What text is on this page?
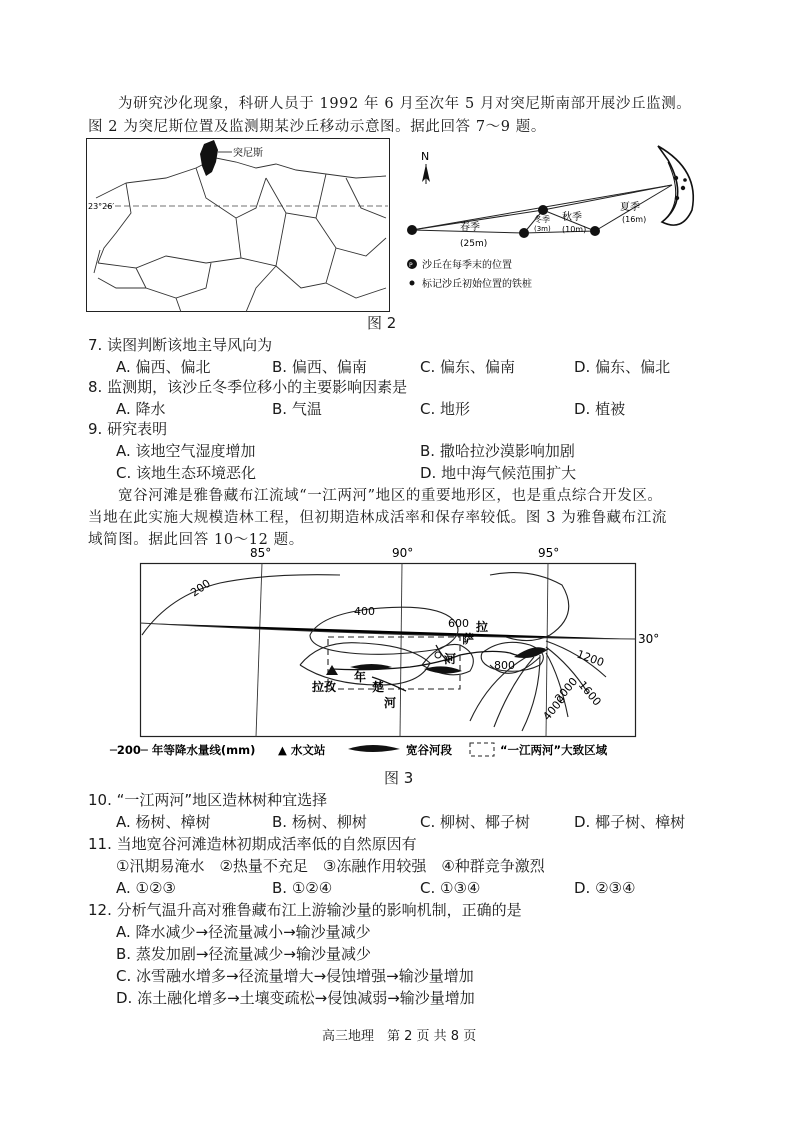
为研究沙化现象，科研人员于 1992 年 6 月至次年 5 月对突尼斯南部开展沙丘监测。
图 2 为突尼斯位置及监测期某沙丘移动示意图。据此回答 7～9 题。
突尼斯
23°26′
N
春季
(25m)
冬季
(3m)
秋季
(10m)
夏季
(16m)
P 沙丘在每季末的位置
标记沙丘初始位置的铁桩
图 2
7. 读图判断该地主导风向为
A. 偏西、偏北	B. 偏西、偏南	C. 偏东、偏南	D. 偏东、偏北
8. 监测期，该沙丘冬季位移小的主要影响因素是
A. 降水	B. 气温	C. 地形	D. 植被
9. 研究表明
A. 该地空气湿度增加	B. 撒哈拉沙漠影响加剧
C. 该地生态环境恶化	D. 地中海气候范围扩大
宽谷河滩是雅鲁藏布江流域“一江两河”地区的重要地形区，也是重点综合开发区。
当地在此实施大规模造林工程，但初期造林成活率和保存率较低。图 3 为雅鲁藏布江流
域简图。据此回答 10～12 题。
85°	90°	95°
30°
200
400
600
800	1200
1600
2000
4000
拉孜
年
楚
河
拉
萨
河
─200─ 年等降水量线(mm) ▲ 水文站	宽谷河段	“一江两河”大致区域
图 3
10. “一江两河”地区造林树种宜选择
A. 杨树、樟树	B. 杨树、柳树	C. 柳树、椰子树	D. 椰子树、樟树
11. 当地宽谷河滩造林初期成活率低的自然原因有
①汛期易淹水　②热量不充足　③冻融作用较强　④种群竞争激烈
A. ①②③	B. ①②④	C. ①③④	D. ②③④
12. 分析气温升高对雅鲁藏布江上游输沙量的影响机制，正确的是
A. 降水减少→径流量减小→输沙量减少
B. 蒸发加剧→径流量减少→输沙量减少
C. 冰雪融水增多→径流量增大→侵蚀增强→输沙量增加
D. 冻土融化增多→土壤变疏松→侵蚀减弱→输沙量增加
高三地理　第 2 页 共 8 页
